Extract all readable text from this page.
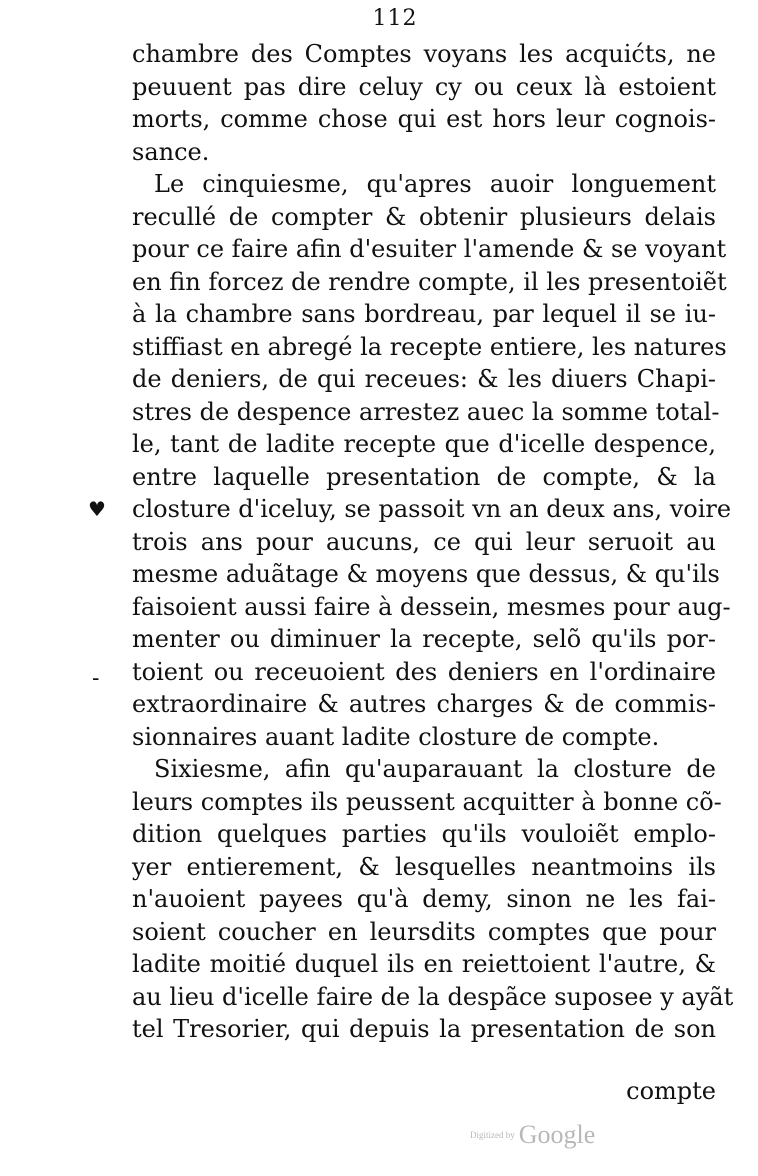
112
chambre des Comptes voyans les acquićts, ne
peuuent pas dire celuy cy ou ceux là estoient
morts, comme chose qui est hors leur cognois-
sance.
Le cinquiesme, qu'apres auoir longuement
recullé de compter & obtenir plusieurs delais
pour ce faire afin d'esuiter l'amende & se voyant
en fin forcez de rendre compte, il les presentoiẽt
à la chambre sans bordreau, par lequel il se iu-
stiffiast en abregé la recepte entiere, les natures
de deniers, de qui receues: & les diuers Chapi-
stres de despence arrestez auec la somme total-
le, tant de ladite recepte que d'icelle despence,
entre laquelle presentation de compte, & la
closture d'iceluy, se passoit vn an deux ans, voire
trois ans pour aucuns, ce qui leur seruoit au
mesme aduãtage & moyens que dessus, & qu'ils
faisoient aussi faire à dessein, mesmes pour aug-
menter ou diminuer la recepte, selõ qu'ils por-
toient ou receuoient des deniers en l'ordinaire
extraordinaire & autres charges & de commis-
sionnaires auant ladite closture de compte.
Sixiesme, afin qu'auparauant la closture de
leurs comptes ils peussent acquitter à bonne cõ-
dition quelques parties qu'ils vouloiẽt emplo-
yer entierement, & lesquelles neantmoins ils
n'auoient payees qu'à demy, sinon ne les fai-
soient coucher en leursdits comptes que pour
ladite moitié duquel ils en reiettoient l'autre, &
au lieu d'icelle faire de la despãce suposee y ayãt
tel Tresorier, qui depuis la presentation de son
compte
♥
-
Digitized by Google
